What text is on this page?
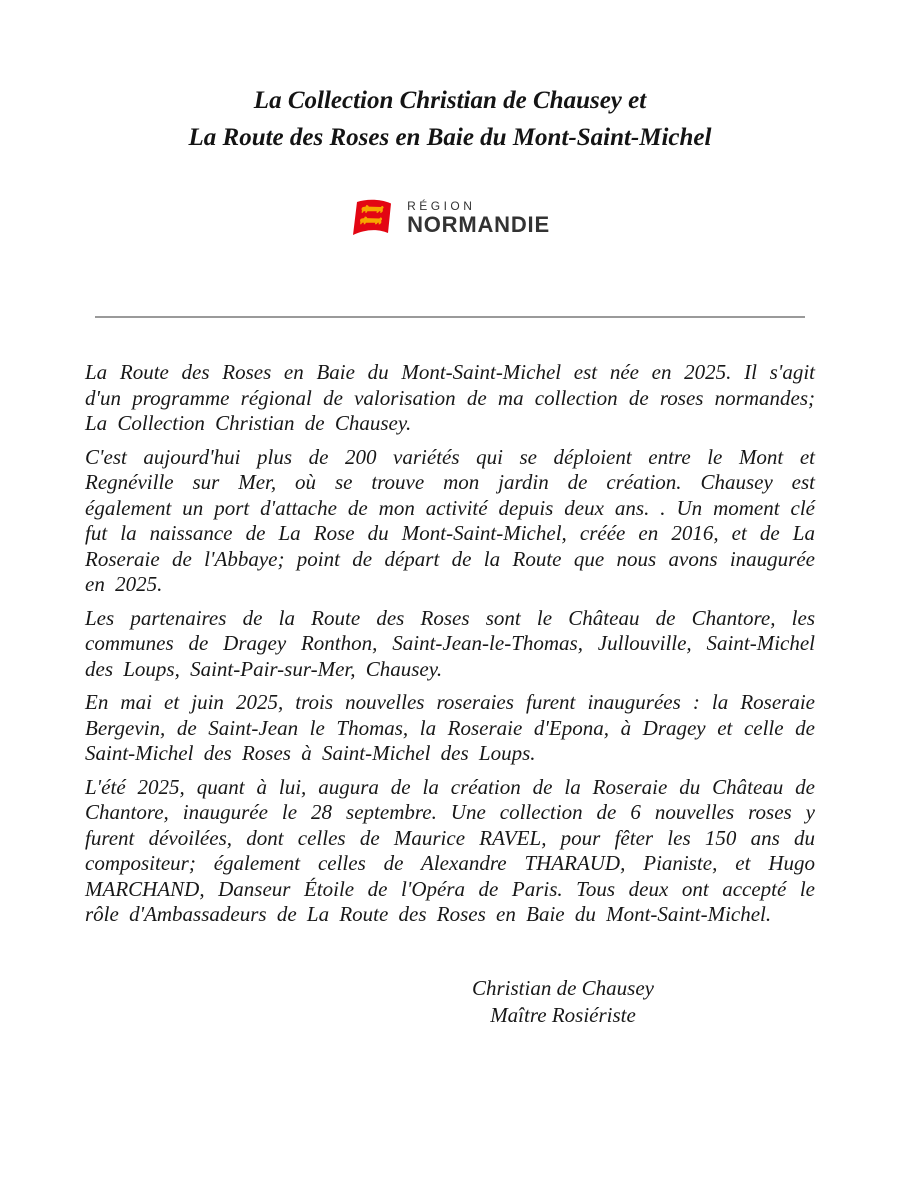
La Collection Christian de Chausey et
La Route des Roses en Baie du Mont-Saint-Michel
RÉGION
NORMANDIE

La Route des Roses en Baie du Mont-Saint-Michel est née en 2025. Il s'agit d'un programme régional de valorisation de ma collection de roses normandes; La Collection Christian de Chausey.

C'est aujourd'hui plus de 200 variétés qui se déploient entre le Mont et Regnéville sur Mer, où se trouve mon jardin de création. Chausey est également un port d'attache de mon activité depuis deux ans. . Un moment clé fut la naissance de La Rose du Mont-Saint-Michel, créée en 2016, et de La Roseraie de l'Abbaye; point de départ de la Route que nous avons inaugurée en 2025.

Les partenaires de la Route des Roses sont le Château de Chantore, les communes de Dragey Ronthon, Saint-Jean-le-Thomas, Jullouville, Saint-Michel des Loups, Saint-Pair-sur-Mer, Chausey.

En mai et juin 2025, trois nouvelles roseraies furent inaugurées : la Roseraie Bergevin, de Saint-Jean le Thomas, la Roseraie d'Epona, à Dragey et celle de Saint-Michel des Roses à Saint-Michel des Loups.

L'été 2025, quant à lui, augura de la création de la Roseraie du Château de Chantore, inaugurée le 28 septembre. Une collection de 6 nouvelles roses y furent dévoilées, dont celles de Maurice RAVEL, pour fêter les 150 ans du compositeur; également celles de Alexandre THARAUD, Pianiste, et Hugo MARCHAND, Danseur Étoile de l'Opéra de Paris. Tous deux ont accepté le rôle d'Ambassadeurs de La Route des Roses en Baie du Mont-Saint-Michel.

Christian de Chausey
Maître Rosiériste
